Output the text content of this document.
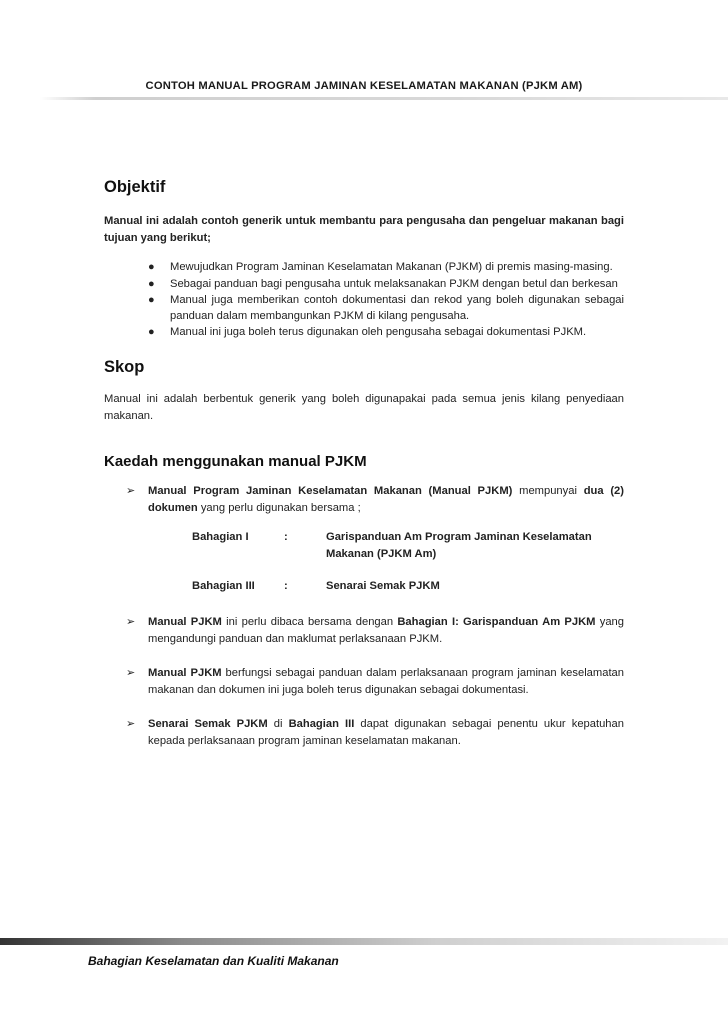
CONTOH MANUAL PROGRAM JAMINAN KESELAMATAN MAKANAN (PJKM AM)
Objektif

Manual ini adalah contoh generik untuk membantu para pengusaha dan pengeluar makanan bagi tujuan yang berikut;

● Mewujudkan Program Jaminan Keselamatan Makanan (PJKM) di premis masing-masing.
● Sebagai panduan bagi pengusaha untuk melaksanakan PJKM dengan betul dan berkesan
● Manual juga memberikan contoh dokumentasi dan rekod yang boleh digunakan sebagai panduan dalam membangunkan PJKM di kilang pengusaha.
● Manual ini juga boleh terus digunakan oleh pengusaha sebagai dokumentasi PJKM.
Skop

Manual ini adalah berbentuk generik yang boleh digunapakai pada semua jenis kilang penyediaan makanan.

Kaedah menggunakan manual PJKM
➢ Manual Program Jaminan Keselamatan Makanan (Manual PJKM) mempunyai dua (2) dokumen yang perlu digunakan bersama ;
Bahagian I	:	Garispanduan Am Program Jaminan Keselamatan Makanan (PJKM Am)
Bahagian III	:	Senarai Semak PJKM
➢ Manual PJKM ini perlu dibaca bersama dengan Bahagian I: Garispanduan Am PJKM yang mengandungi panduan dan maklumat perlaksanaan PJKM.
➢ Manual PJKM berfungsi sebagai panduan dalam perlaksanaan program jaminan keselamatan makanan dan dokumen ini juga boleh terus digunakan sebagai dokumentasi.
➢ Senarai Semak PJKM di Bahagian III dapat digunakan sebagai penentu ukur kepatuhan kepada perlaksanaan program jaminan keselamatan makanan.
Bahagian Keselamatan dan Kualiti Makanan
